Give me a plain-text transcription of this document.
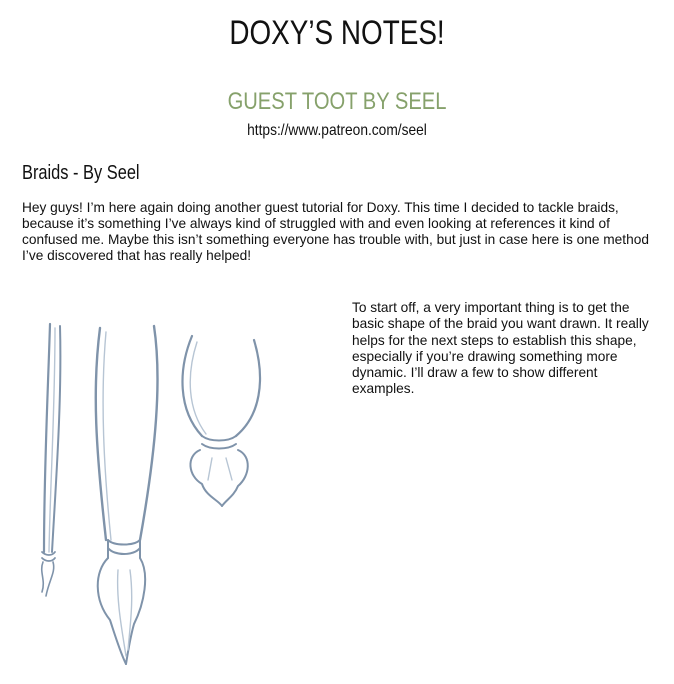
DOXY’S NOTES!
GUEST TOOT BY SEEL
https://www.patreon.com/seel
Braids - By Seel

Hey guys! I’m here again doing another guest tutorial for Doxy. This time I decided to tackle braids, because it’s something I’ve always kind of struggled with and even looking at references it kind of confused me. Maybe this isn’t something everyone has trouble with, but just in case here is one method I’ve discovered that has really helped!

To start off, a very important thing is to get the basic shape of the braid you want drawn. It really helps for the next steps to establish this shape, especially if you’re drawing something more dynamic. I’ll draw a few to show different examples.
